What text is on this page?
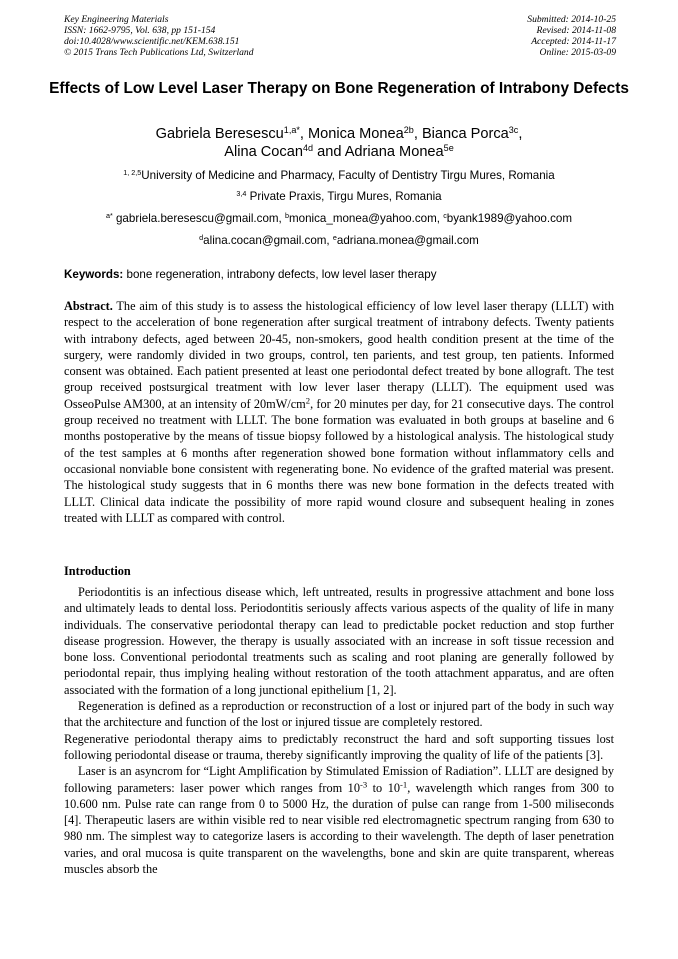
Key Engineering Materials
ISSN: 1662-9795, Vol. 638, pp 151-154
doi:10.4028/www.scientific.net/KEM.638.151
© 2015 Trans Tech Publications Ltd, Switzerland
Submitted: 2014-10-25
Revised: 2014-11-08
Accepted: 2014-11-17
Online: 2015-03-09
Effects of Low Level Laser Therapy on Bone Regeneration of Intrabony Defects
Gabriela Beresescu$^{1,a*}$, Monica Monea$^{2b}$, Bianca Porca$^{3c}$,
Alina Cocan$^{4d}$ and Adriana Monea$^{5e}$
$^{1, 2,5}$University of Medicine and Pharmacy, Faculty of Dentistry Tirgu Mures, Romania
$^{3,4}$ Private Praxis, Tirgu Mures, Romania
$^{a*}$ gabriela.beresescu@gmail.com, $^b$monica_monea@yahoo.com, $^c$byank1989@yahoo.com
$^d$alina.cocan@gmail.com, $^e$adriana.monea@gmail.com
Keywords: bone regeneration, intrabony defects, low level laser therapy

Abstract. The aim of this study is to assess the histological efficiency of low level laser therapy (LLLT) with respect to the acceleration of bone regeneration after surgical treatment of intrabony defects. Twenty patients with intrabony defects, aged between 20-45, non-smokers, good health condition present at the time of the surgery, were randomly divided in two groups, control, ten parients, and test group, ten patients. Informed consent was obtained. Each patient presented at least one periodontal defect treated by bone allograft. The test group received postsurgical treatment with low lever laser therapy (LLLT). The equipment used was OsseoPulse AM300, at an intensity of $20mW/cm^2$, for 20 minutes per day, for 21 consecutive days. The control group received no treatment with LLLT. The bone formation was evaluated in both groups at baseline and 6 months postoperative by the means of tissue biopsy followed by a histological analysis. The histological study of the test samples at 6 months after regeneration showed bone formation without inflammatory cells and occasional nonviable bone consistent with regenerating bone. No evidence of the grafted material was present. The histological study suggests that in 6 months there was new bone formation in the defects treated with LLLT. Clinical data indicate the possibility of more rapid wound closure and subsequent healing in zones treated with LLLT as compared with control.

Introduction

Periodontitis is an infectious disease which, left untreated, results in progressive attachment and bone loss and ultimately leads to dental loss. Periodontitis seriously affects various aspects of the quality of life in many individuals. The conservative periodontal therapy can lead to predictable pocket reduction and stop further disease progression. However, the therapy is usually associated with an increase in soft tissue recession and bone loss. Conventional periodontal treatments such as scaling and root planing are generally followed by periodontal repair, thus implying healing without restoration of the tooth attachment apparatus, and are often associated with the formation of a long junctional epithelium [1, 2].

Regeneration is defined as a reproduction or reconstruction of a lost or injured part of the body in such way that the architecture and function of the lost or injured tissue are completely restored.

Regenerative periodontal therapy aims to predictably reconstruct the hard and soft supporting tissues lost following periodontal disease or trauma, thereby significantly improving the quality of life of the patients [3].

Laser is an asyncrom for “Light Amplification by Stimulated Emission of Radiation”. LLLT are designed by following parameters: laser power which ranges from $10^{-3}$ to $10^{-1}$, wavelength which ranges from 300 to 10.600 nm. Pulse rate can range from 0 to 5000 Hz, the duration of pulse can range from 1-500 miliseconds [4]. Therapeutic lasers are within visible red to near visible red electromagnetic spectrum ranging from 630 to 980 nm. The simplest way to categorize lasers is according to their wavelength. The depth of laser penetration varies, and oral mucosa is quite transparent on the wavelengths, bone and skin are quite transparent, whereas muscles absorb the
